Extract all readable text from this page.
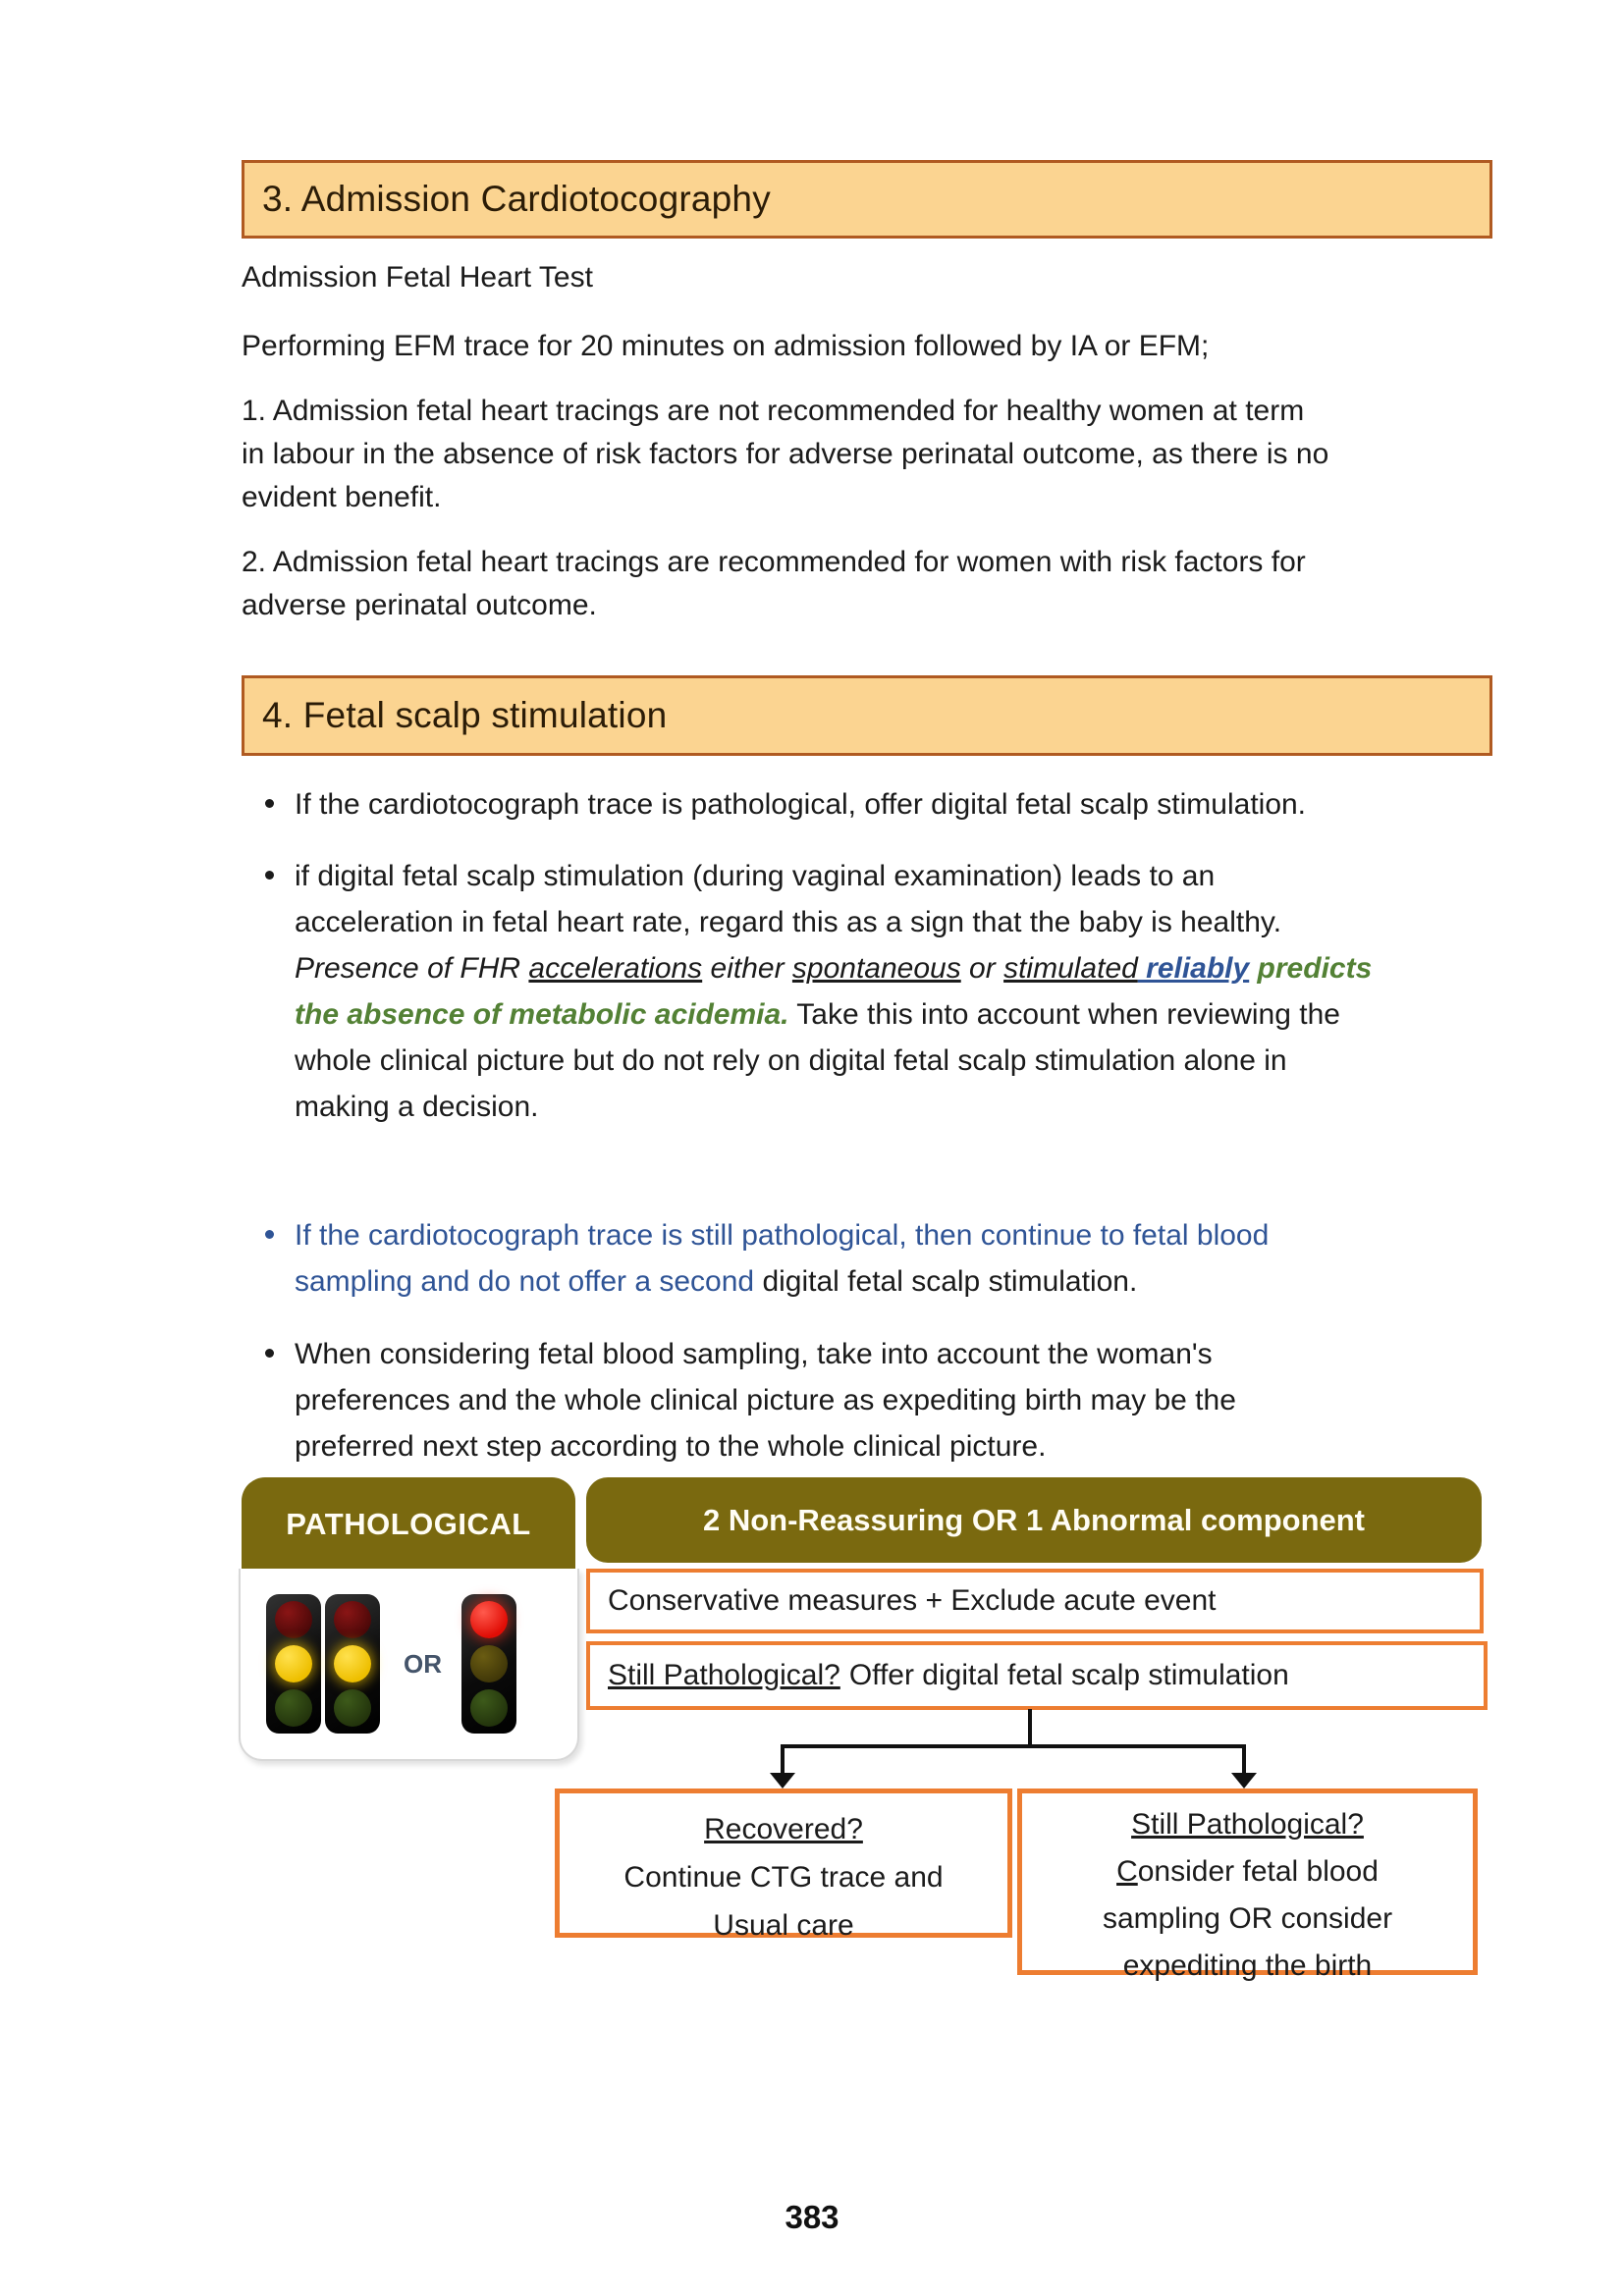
3. Admission Cardiotocography
Admission Fetal Heart Test
Performing EFM trace for 20 minutes on admission followed by IA or EFM;
1. Admission fetal heart tracings are not recommended for healthy women at term
in labour in the absence of risk factors for adverse perinatal outcome, as there is no
evident benefit.
2. Admission fetal heart tracings are recommended for women with risk factors for
adverse perinatal outcome.
4. Fetal scalp stimulation
If the cardiotocograph trace is pathological, offer digital fetal scalp stimulation.
if digital fetal scalp stimulation (during vaginal examination) leads to an
acceleration in fetal heart rate, regard this as a sign that the baby is healthy.
Presence of FHR accelerations either spontaneous or stimulated reliably predicts
the absence of metabolic acidemia. Take this into account when reviewing the
whole clinical picture but do not rely on digital fetal scalp stimulation alone in
making a decision.
If the cardiotocograph trace is still pathological, then continue to fetal blood
sampling and do not offer a second digital fetal scalp stimulation.
When considering fetal blood sampling, take into account the woman's
preferences and the whole clinical picture as expediting birth may be the
preferred next step according to the whole clinical picture.
PATHOLOGICAL
OR
2 Non-Reassuring OR 1 Abnormal component
Conservative measures + Exclude acute event
Still Pathological? Offer digital fetal scalp stimulation
Recovered?
Continue CTG trace and
Usual care
Still Pathological?
Consider fetal blood
sampling OR consider
expediting the birth
383
